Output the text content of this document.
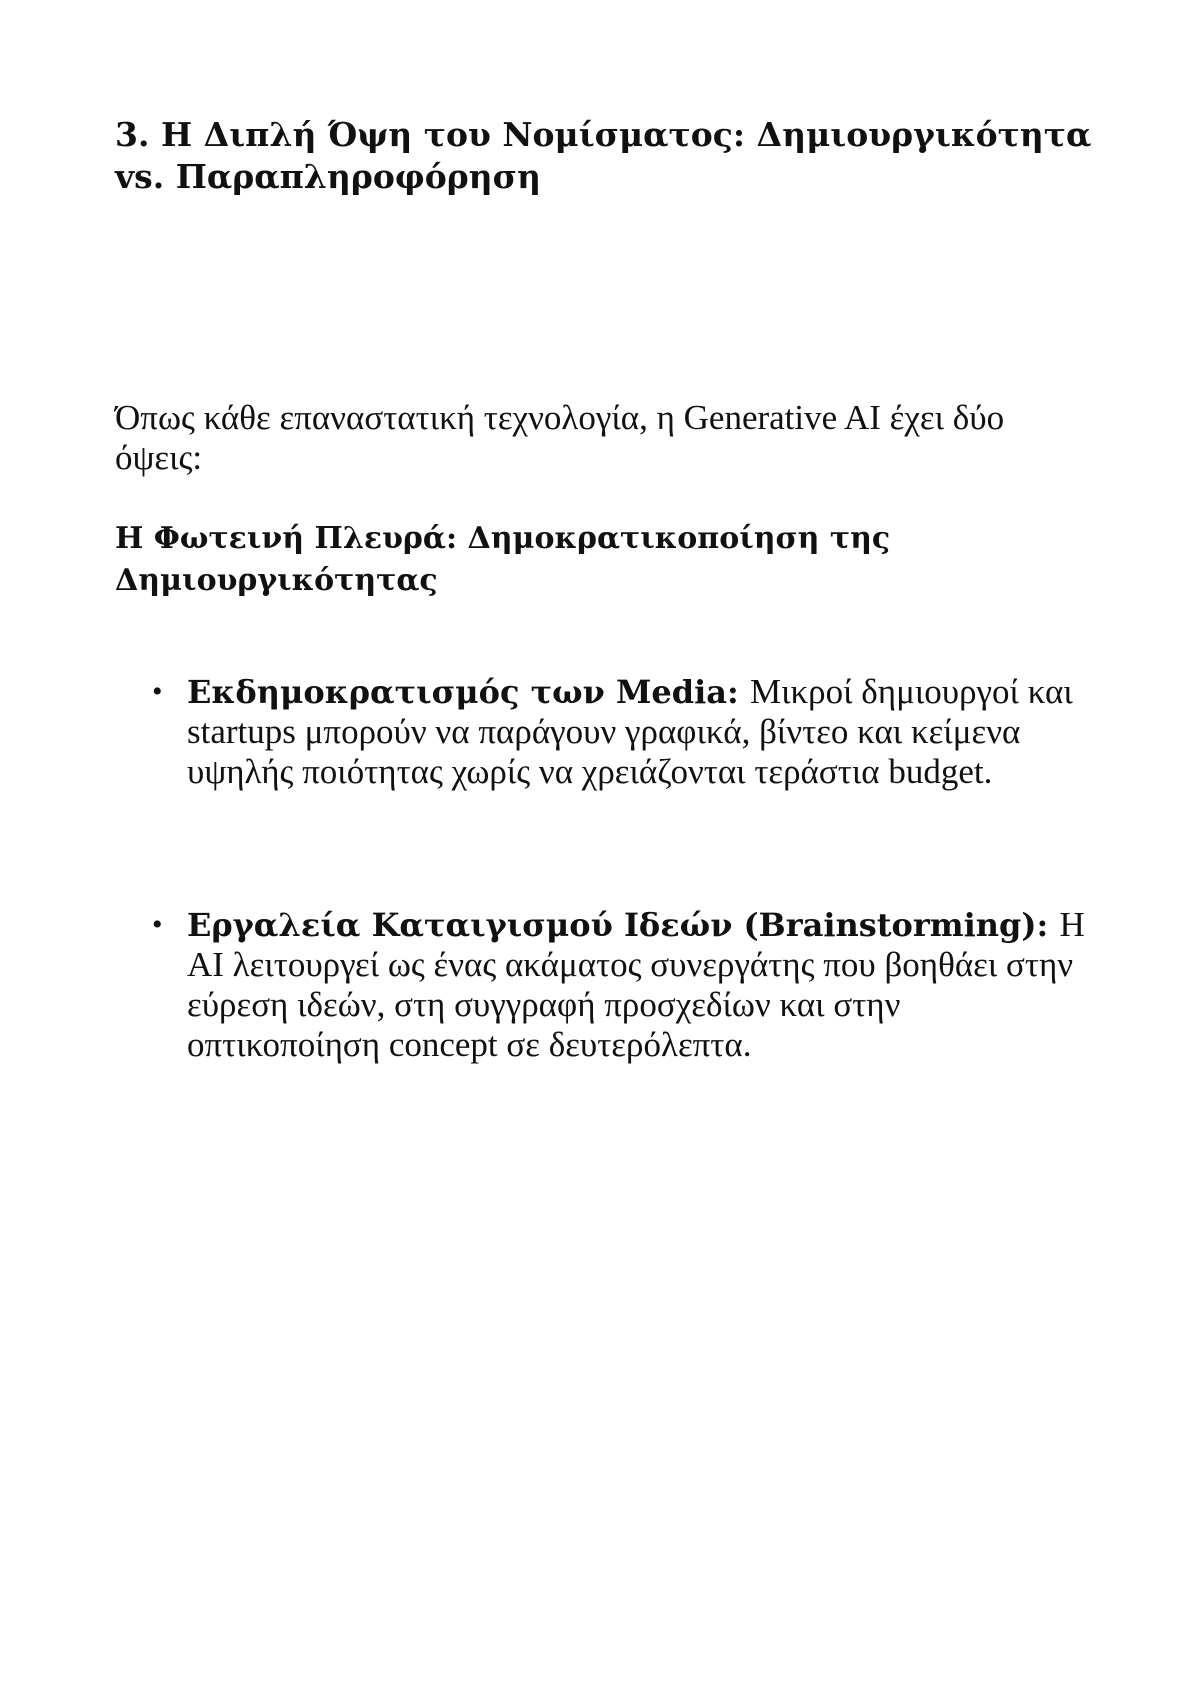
3. Η Διπλή Όψη του Νομίσματος: Δημιουργικότητα vs. Παραπληροφόρηση

Όπως κάθε επαναστατική τεχνολογία, η Generative AI έχει δύο όψεις:

Η Φωτεινή Πλευρά: Δημοκρατικοποίηση της Δημιουργικότητας
• Εκδημοκρατισμός των Media: Μικροί δημιουργοί και startups μπορούν να παράγουν γραφικά, βίντεο και κείμενα υψηλής ποιότητας χωρίς να χρειάζονται τεράστια budget.

• Εργαλεία Καταιγισμού Ιδεών (Brainstorming): Η AI λειτουργεί ως ένας ακάματος συνεργάτης που βοηθάει στην εύρεση ιδεών, στη συγγραφή προσχεδίων και στην οπτικοποίηση concept σε δευτερόλεπτα.
